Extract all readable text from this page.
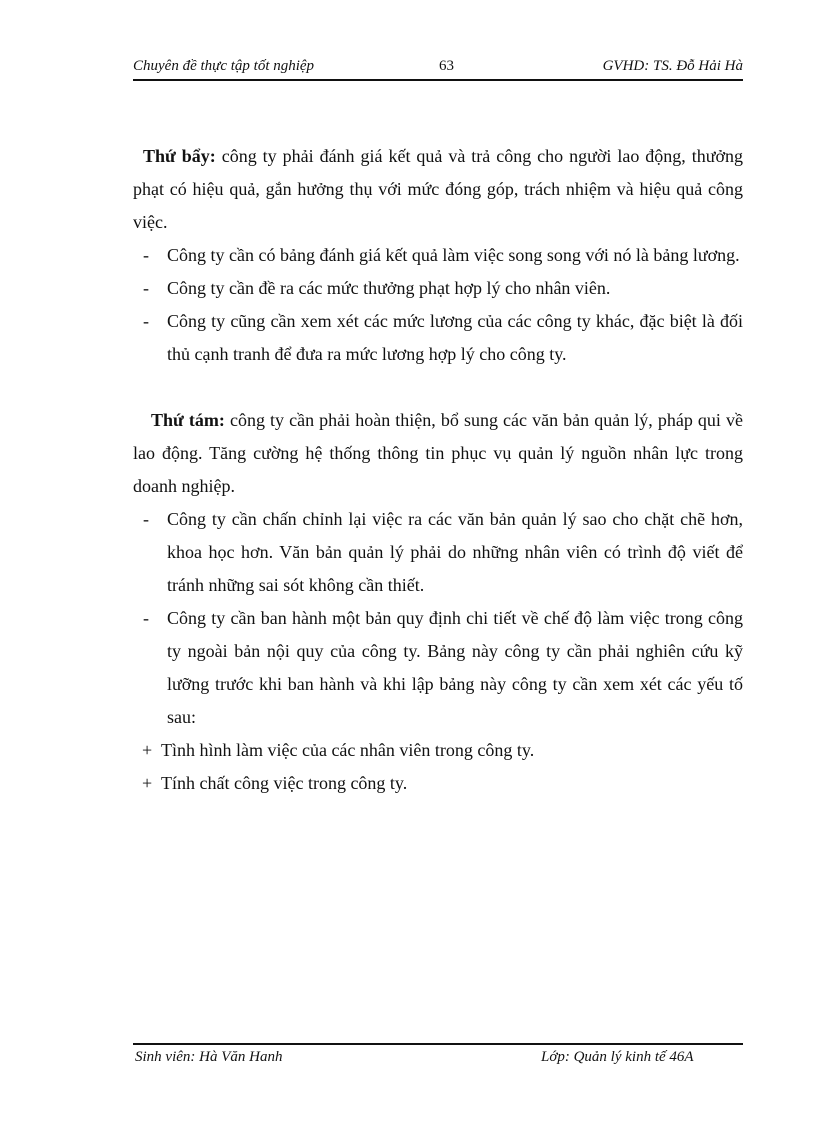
Chuyên đề thực tập tốt nghiệp	63	GVHD: TS. Đỗ Hải Hà

Thứ bẩy: công ty phải đánh giá kết quả và trả công cho người lao động, thưởng phạt có hiệu quả, gắn hưởng thụ với mức đóng góp, trách nhiệm và hiệu quả công việc.

-	Công ty cần có bảng đánh giá kết quả làm việc song song với nó là bảng lương.
-	Công ty cần đề ra các mức thưởng phạt hợp lý cho nhân viên.
-	Công ty cũng cần xem xét các mức lương của các công ty khác, đặc biệt là đối thủ cạnh tranh để đưa ra mức lương hợp lý cho công ty.

Thứ tám: công ty cần phải hoàn thiện, bổ sung các văn bản quản lý, pháp qui về lao động. Tăng cường hệ thống thông tin phục vụ quản lý nguồn nhân lực trong doanh nghiệp.

-	Công ty cần chấn chỉnh lại việc ra các văn bản quản lý sao cho chặt chẽ hơn, khoa học hơn. Văn bản quản lý phải do những nhân viên có trình độ viết để tránh những sai sót không cần thiết.
-	Công ty cần ban hành một bản quy định chi tiết về chế độ làm việc trong công ty ngoài bản nội quy của công ty. Bảng này công ty cần phải nghiên cứu kỹ lưỡng trước khi ban hành và khi lập bảng này công ty cần xem xét các yếu tố sau:
+ Tình hình làm việc của các nhân viên trong công ty.
+ Tính chất công việc trong công ty.
Sinh viên: Hà Văn Hanh	Lớp: Quản lý kinh tế 46A
